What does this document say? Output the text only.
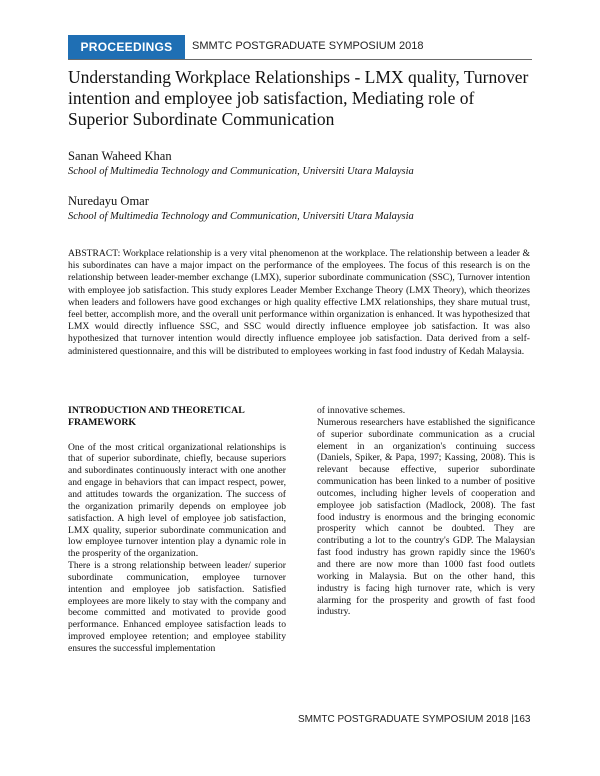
PROCEEDINGS	SMMTC POSTGRADUATE SYMPOSIUM 2018
Understanding Workplace Relationships - LMX quality, Turnover intention and employee job satisfaction, Mediating role of Superior Subordinate Communication
Sanan Waheed Khan
School of Multimedia Technology and Communication, Universiti Utara Malaysia
Nuredayu Omar
School of Multimedia Technology and Communication, Universiti Utara Malaysia

ABSTRACT: Workplace relationship is a very vital phenomenon at the workplace. The relationship between a leader & his subordinates can have a major impact on the performance of the employees. The focus of this research is on the relationship between leader-member exchange (LMX), superior subordinate communication (SSC), Turnover intention with employee job satisfaction. This study explores Leader Member Exchange Theory (LMX Theory), which theorizes when leaders and followers have good exchanges or high quality effective LMX relationships, they share mutual trust, feel better, accomplish more, and the overall unit performance within organization is enhanced. It was hypothesized that LMX would directly influence SSC, and SSC would directly influence employee job satisfaction. It was also hypothesized that turnover intention would directly influence employee job satisfaction. Data derived from a self-administered questionnaire, and this will be distributed to employees working in fast food industry of Kedah Malaysia.

INTRODUCTION AND THEORETICAL FRAMEWORK

One of the most critical organizational relationships is that of superior subordinate, chiefly, because superiors and subordinates continuously interact with one another and engage in behaviors that can impact respect, power, and attitudes towards the organization. The success of the organization primarily depends on employee job satisfaction. A high level of employee job satisfaction, LMX quality, superior subordinate communication and low employee turnover intention play a dynamic role in the prosperity of the organization.

There is a strong relationship between leader/ superior subordinate communication, employee turnover intention and employee job satisfaction. Satisfied employees are more likely to stay with the company and become committed and motivated to provide good performance. Enhanced employee satisfaction leads to improved employee retention; and employee stability ensures the successful implementation

of innovative schemes.

Numerous researchers have established the significance of superior subordinate communication as a crucial element in an organization's continuing success (Daniels, Spiker, & Papa, 1997; Kassing, 2008). This is relevant because effective, superior subordinate communication has been linked to a number of positive outcomes, including higher levels of cooperation and employee job satisfaction (Madlock, 2008). The fast food industry is enormous and the bringing economic prosperity which cannot be doubted. They are contributing a lot to the country's GDP. The Malaysian fast food industry has grown rapidly since the 1960's and there are now more than 1000 fast food outlets working in Malaysia. But on the other hand, this industry is facing high turnover rate, which is very alarming for the prosperity and growth of fast food industry.

SMMTC POSTGRADUATE SYMPOSIUM 2018 |163
